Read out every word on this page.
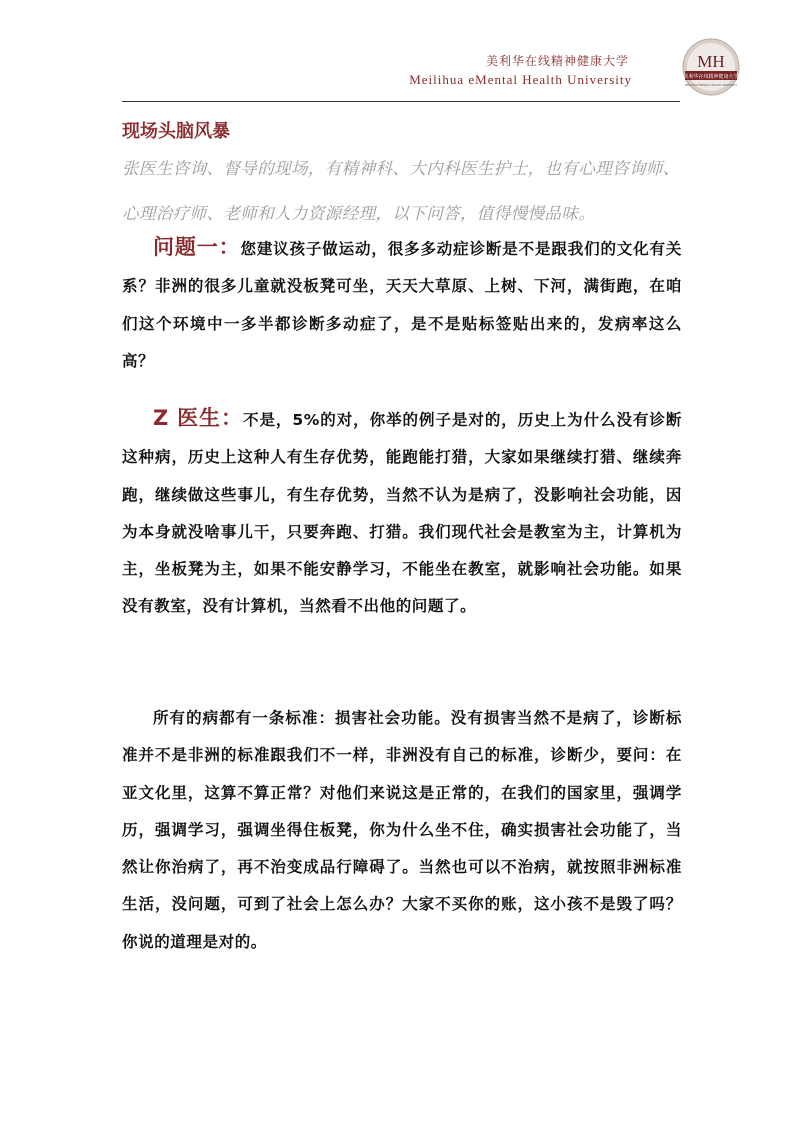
美利华在线精神健康大学

Meilihua eMental Health University

MH
美利华在线精神健康大学
MEILIHUA EMENTAL HEALTH UNIVERSITY
现场头脑风暴

张医生咨询、督导的现场，有精神科、大内科医生护士，也有心理咨询师、心理治疗师、老师和人力资源经理，以下问答，值得慢慢品味。

问题一：您建议孩子做运动，很多多动症诊断是不是跟我们的文化有关系？非洲的很多儿童就没板凳可坐，天天大草原、上树、下河，满街跑，在咱们这个环境中一多半都诊断多动症了，是不是贴标签贴出来的，发病率这么高？

Z 医生：不是，5%的对，你举的例子是对的，历史上为什么没有诊断这种病，历史上这种人有生存优势，能跑能打猎，大家如果继续打猎、继续奔跑，继续做这些事儿，有生存优势，当然不认为是病了，没影响社会功能，因为本身就没啥事儿干，只要奔跑、打猎。我们现代社会是教室为主，计算机为主，坐板凳为主，如果不能安静学习，不能坐在教室，就影响社会功能。如果没有教室，没有计算机，当然看不出他的问题了。

所有的病都有一条标准：损害社会功能。没有损害当然不是病了，诊断标准并不是非洲的标准跟我们不一样，非洲没有自己的标准，诊断少，要问：在亚文化里，这算不算正常？对他们来说这是正常的，在我们的国家里，强调学历，强调学习，强调坐得住板凳，你为什么坐不住，确实损害社会功能了，当然让你治病了，再不治变成品行障碍了。当然也可以不治病，就按照非洲标准生活，没问题，可到了社会上怎么办？大家不买你的账，这小孩不是毁了吗？你说的道理是对的。
